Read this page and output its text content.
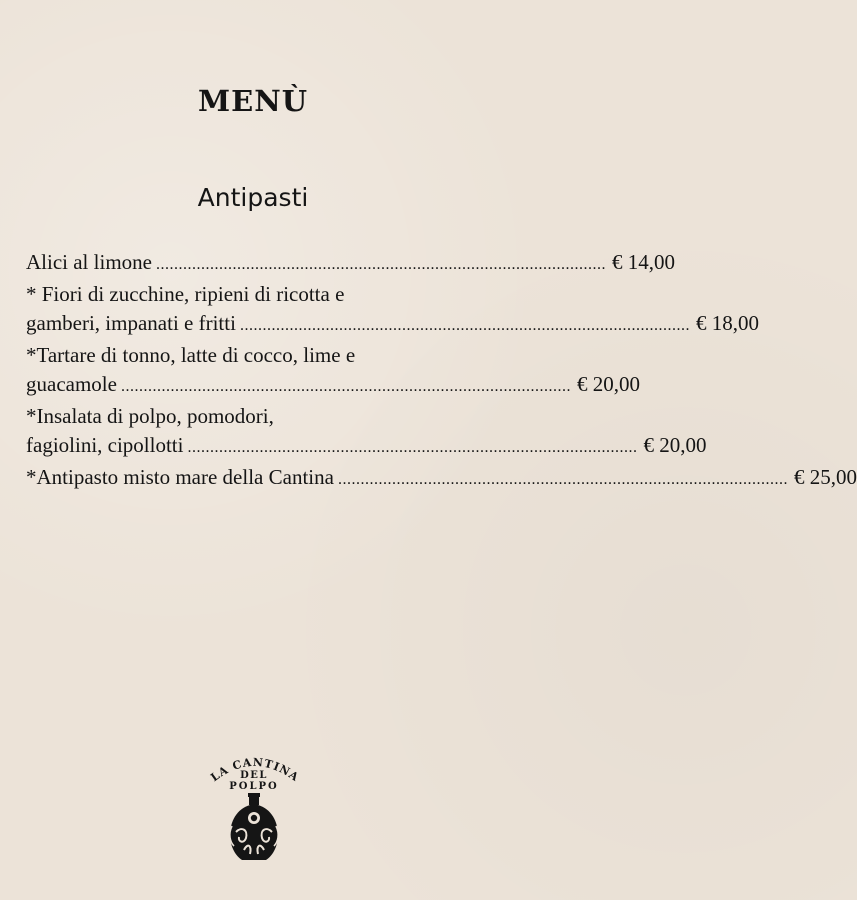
MENÙ
Antipasti
Alici al limone .................................................................................................... € 14,00
* Fiori di zucchine, ripieni di ricotta e
gamberi, impanati e fritti .................................................................................................... € 18,00
*Tartare di tonno, latte di cocco, lime e
guacamole .................................................................................................... € 20,00
*Insalata di polpo, pomodori,
fagiolini, cipollotti .................................................................................................... € 20,00
*Antipasto misto mare della Cantina .................................................................................................... € 25,00
LA CANTINA
DEL
POLPO
